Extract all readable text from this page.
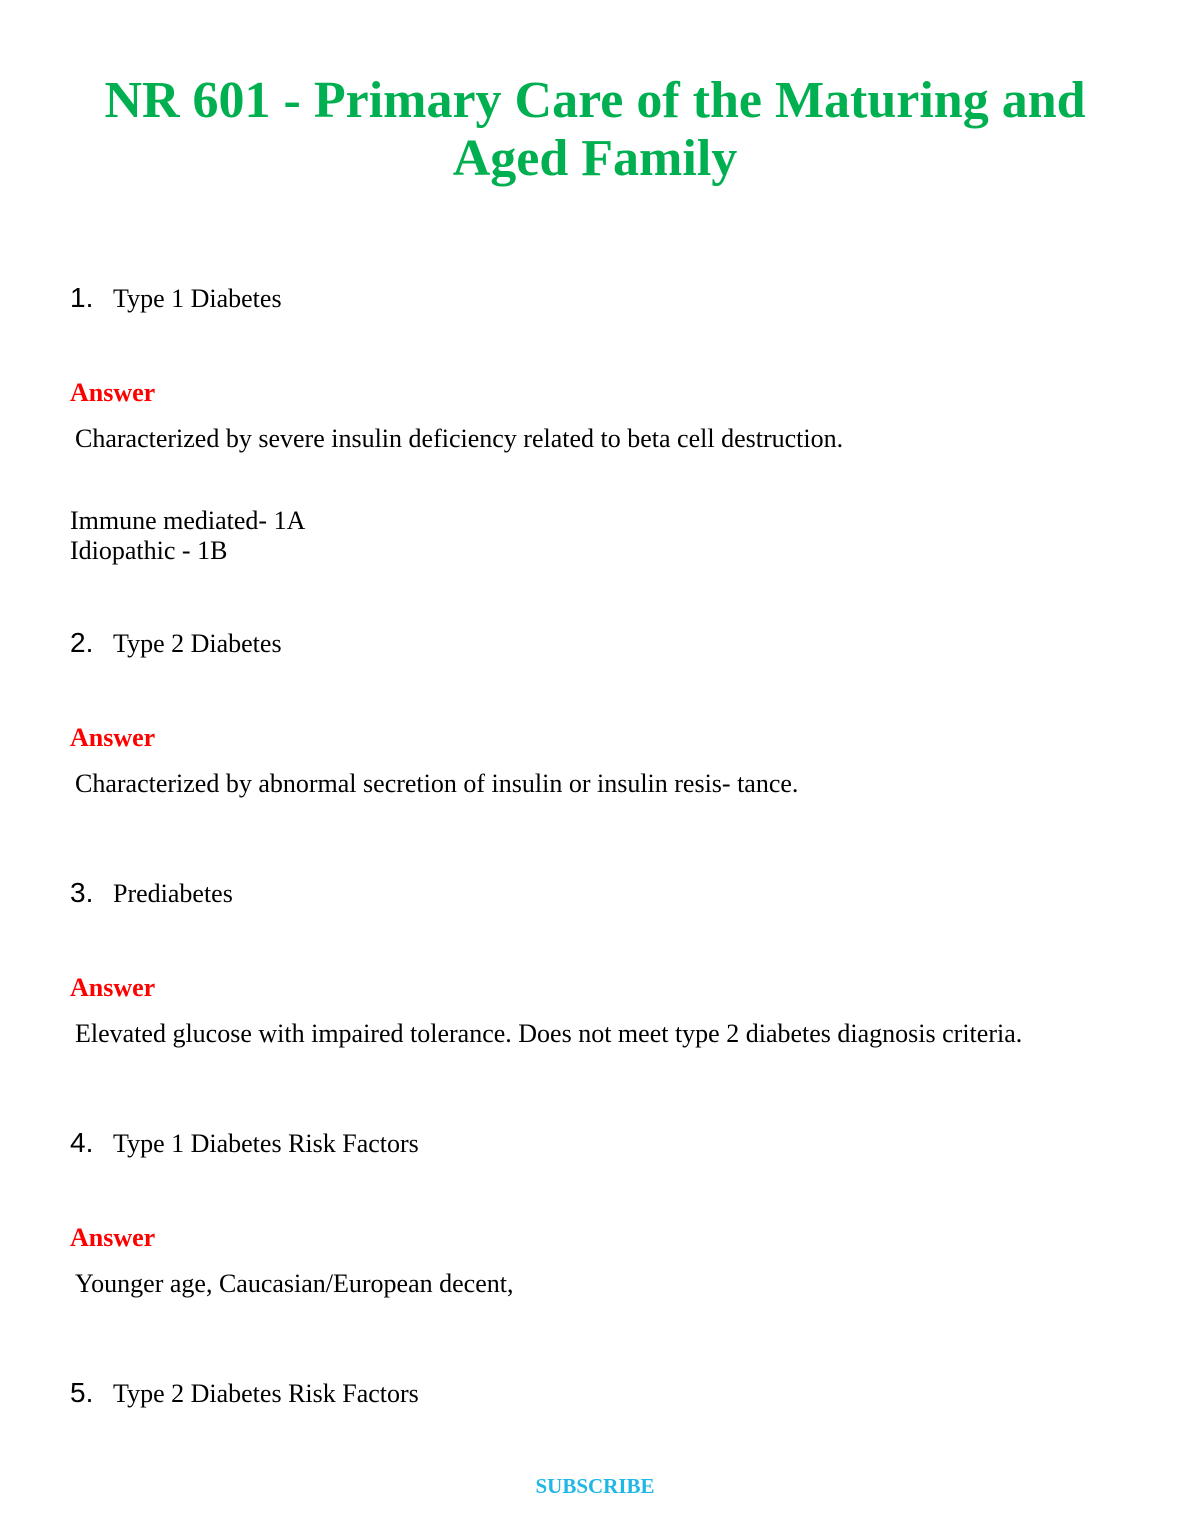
NR 601 - Primary Care of the Maturing and
Aged Family
1. Type 1 Diabetes
Answer
Characterized by severe insulin deficiency related to beta cell destruction.
Immune mediated- 1A
Idiopathic - 1B
2. Type 2 Diabetes
Answer
Characterized by abnormal secretion of insulin or insulin resis- tance.
3. Prediabetes
Answer
Elevated glucose with impaired tolerance. Does not meet type 2 diabetes diagnosis criteria.
4. Type 1 Diabetes Risk Factors
Answer
Younger age, Caucasian/European decent,
5. Type 2 Diabetes Risk Factors
SUBSCRIBE
